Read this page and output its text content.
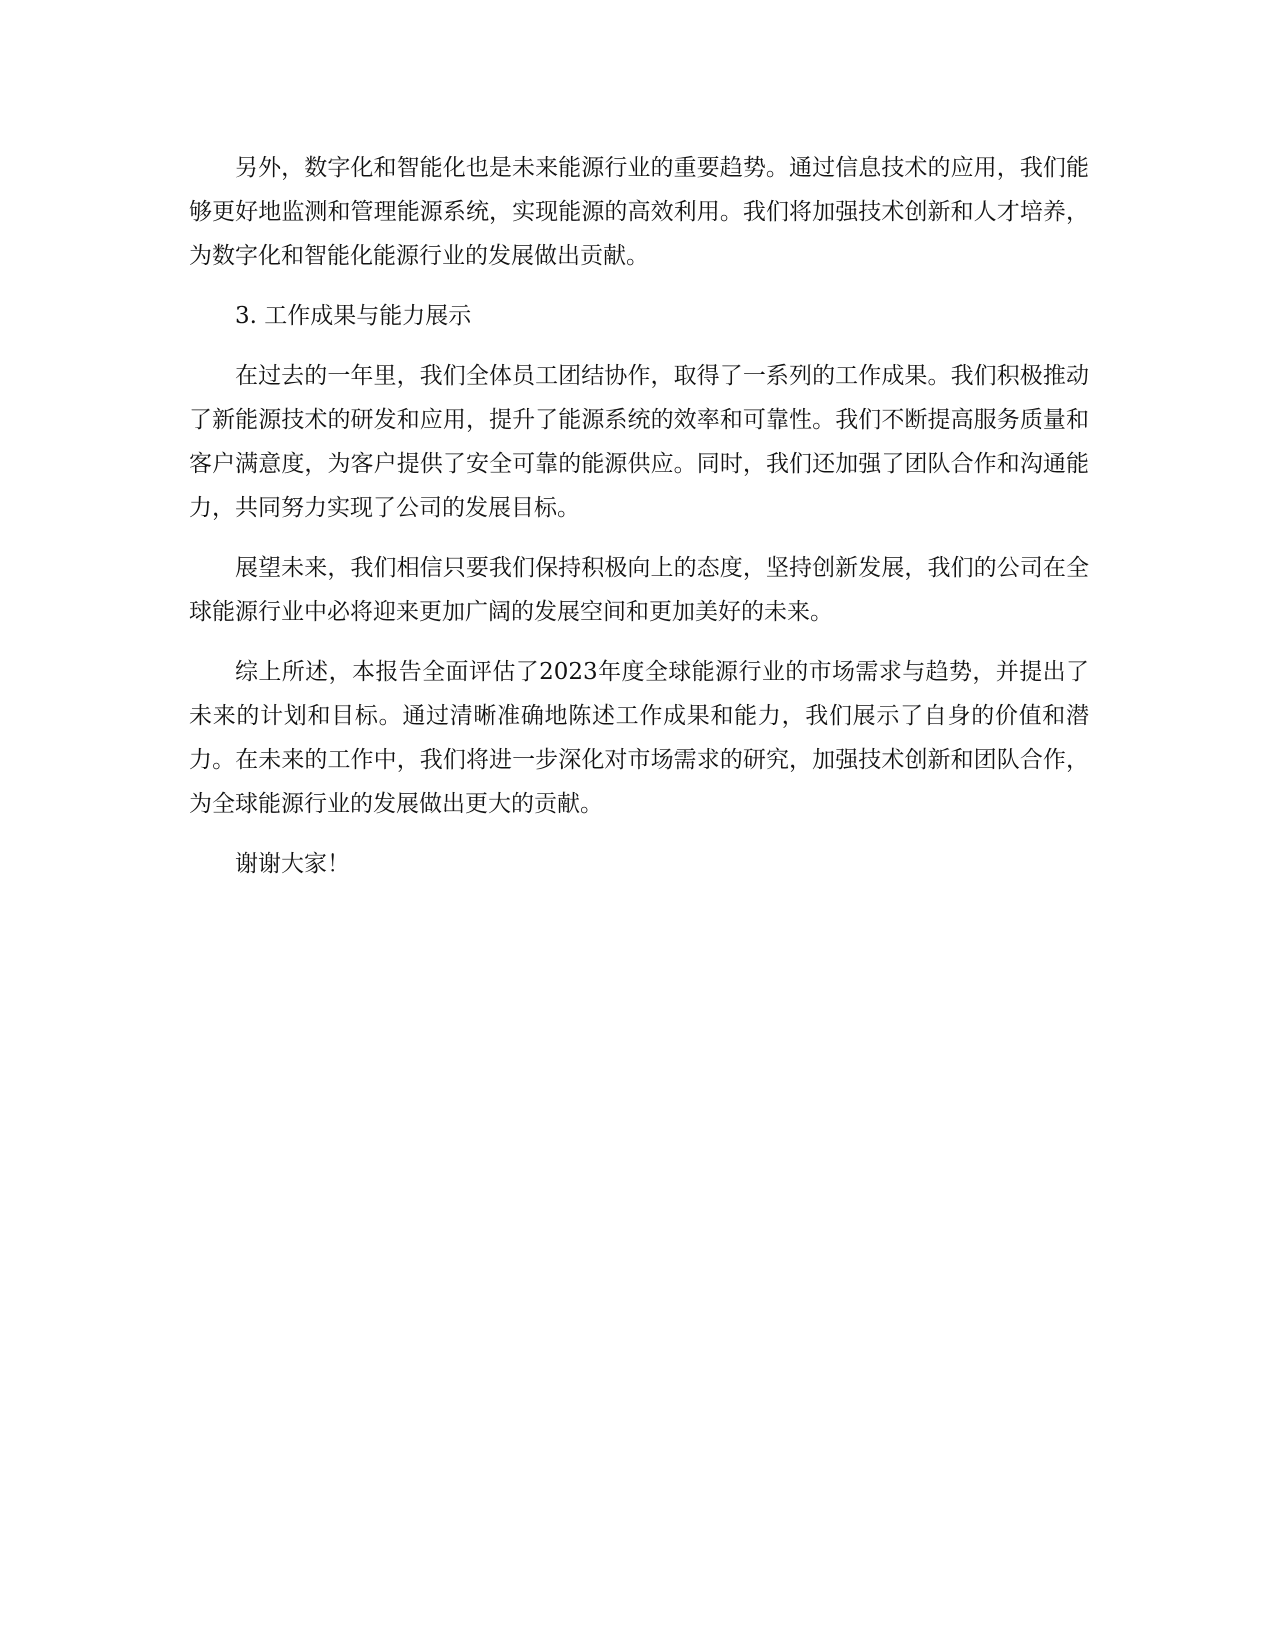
另外，数字化和智能化也是未来能源行业的重要趋势。通过信息技术的应用，我们能够更好地监测和管理能源系统，实现能源的高效利用。我们将加强技术创新和人才培养，为数字化和智能化能源行业的发展做出贡献。

3. 工作成果与能力展示

在过去的一年里，我们全体员工团结协作，取得了一系列的工作成果。我们积极推动了新能源技术的研发和应用，提升了能源系统的效率和可靠性。我们不断提高服务质量和客户满意度，为客户提供了安全可靠的能源供应。同时，我们还加强了团队合作和沟通能力，共同努力实现了公司的发展目标。

展望未来，我们相信只要我们保持积极向上的态度，坚持创新发展，我们的公司在全球能源行业中必将迎来更加广阔的发展空间和更加美好的未来。

综上所述，本报告全面评估了2023年度全球能源行业的市场需求与趋势，并提出了未来的计划和目标。通过清晰准确地陈述工作成果和能力，我们展示了自身的价值和潜力。在未来的工作中，我们将进一步深化对市场需求的研究，加强技术创新和团队合作，为全球能源行业的发展做出更大的贡献。

谢谢大家！
